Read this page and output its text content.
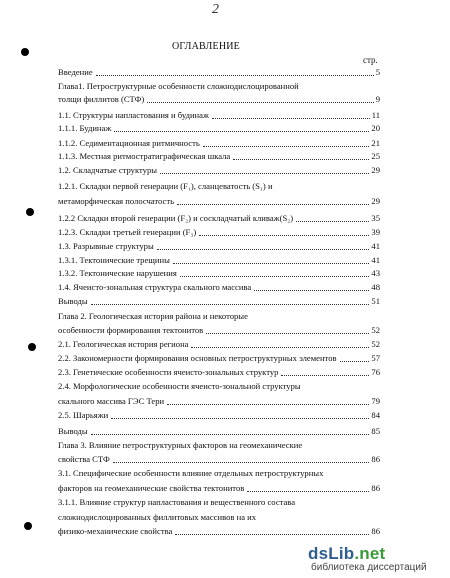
2
ОГЛАВЛЕНИЕ
стр.
Введение	5
Глава1. Петроструктурные особенности сложнодислоцированной
толщи филлитов (СТФ)	9
1.1. Структуры наплаcтования и будинаж	11
1.1.1. Будинаж	20
1.1.2. Седиментационная ритмичность	21
1.1.3. Местная ритмостратиграфическая шкала	25
1.2. Складчатые структуры	29
1.2.1. Складки первой генерации (F₁), сланцеватость (S₁) и
метаморфическая полосчатость	29
1.2.2 Складки второй генерации (F₂) и соскладчатый кливаж(S₂)	35
1.2.3. Складки третьей генерации (F₃)	39
1.3. Разрывные структуры	41
1.3.1. Тектонические трещины	41
1.3.2. Тектонические нарушения	43
1.4. Ячеисто-зональная структура скального массива	48
Выводы	51
Глава 2. Геологическая история района и некоторые
особенности формирования тектонитов	52
2.1. Геологическая история региона	52
2.2. Закономерности формирования основных петроструктурных элементов	57
2.3. Генетические особенности ячеисто-зональных структур	76
2.4. Морфологические особенности ячеисто-зональной структуры
скального массива ГЭС Тери	79
2.5. Шарьяжи	84
Выводы	85
Глава 3. Влияние петроструктурных факторов на геомеханические
свойства СТФ	86
3.1. Специфические особенности влияние отдельных петроструктурных
факторов на геомеханические свойства тектонитов	86
3.1.1. Влияние структур наплаcтования и вещественного состава
сложнодислоцированных филлитовых массивов на их
физико-механические свойства	86
dsLib.net
библиотека диссертаций
